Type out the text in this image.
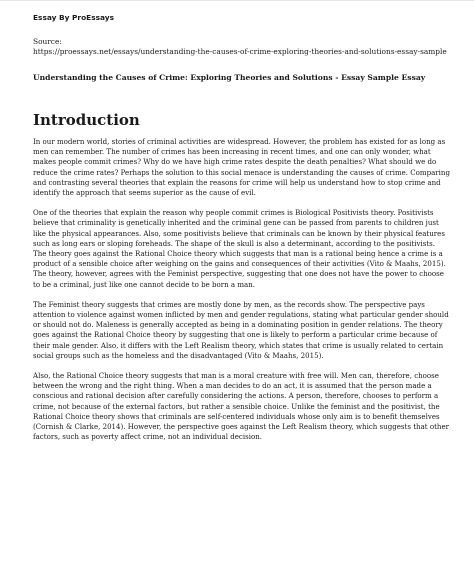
Essay By ProEssays
Source:
https://proessays.net/essays/understanding-the-causes-of-crime-exploring-theories-and-solutions-essay-sample
Understanding the Causes of Crime: Exploring Theories and Solutions - Essay Sample Essay
Introduction

In our modern world, stories of criminal activities are widespread. However, the problem has existed for as long as men can remember. The number of crimes has been increasing in recent times, and one can only wonder, what makes people commit crimes? Why do we have high crime rates despite the death penalties? What should we do reduce the crime rates? Perhaps the solution to this social menace is understanding the causes of crime. Comparing and contrasting several theories that explain the reasons for crime will help us understand how to stop crime and identify the approach that seems superior as the cause of evil.

One of the theories that explain the reason why people commit crimes is Biological Positivists theory. Positivists believe that criminality is genetically inherited and the criminal gene can be passed from parents to children just like the physical appearances. Also, some positivists believe that criminals can be known by their physical features such as long ears or sloping foreheads. The shape of the skull is also a determinant, according to the positivists. The theory goes against the Rational Choice theory which suggests that man is a rational being hence a crime is a product of a sensible choice after weighing on the gains and consequences of their activities (Vito & Maahs, 2015). The theory, however, agrees with the Feminist perspective, suggesting that one does not have the power to choose to be a criminal, just like one cannot decide to be born a man.

The Feminist theory suggests that crimes are mostly done by men, as the records show. The perspective pays attention to violence against women inflicted by men and gender regulations, stating what particular gender should or should not do. Maleness is generally accepted as being in a dominating position in gender relations. The theory goes against the Rational Choice theory by suggesting that one is likely to perform a particular crime because of their male gender. Also, it differs with the Left Realism theory, which states that crime is usually related to certain social groups such as the homeless and the disadvantaged (Vito & Maahs, 2015).

Also, the Rational Choice theory suggests that man is a moral creature with free will. Men can, therefore, choose between the wrong and the right thing. When a man decides to do an act, it is assumed that the person made a conscious and rational decision after carefully considering the actions. A person, therefore, chooses to perform a crime, not because of the external factors, but rather a sensible choice. Unlike the feminist and the positivist, the Rational Choice theory shows that criminals are self-centered individuals whose only aim is to benefit themselves (Cornish & Clarke, 2014). However, the perspective goes against the Left Realism theory, which suggests that other factors, such as poverty affect crime, not an individual decision.
